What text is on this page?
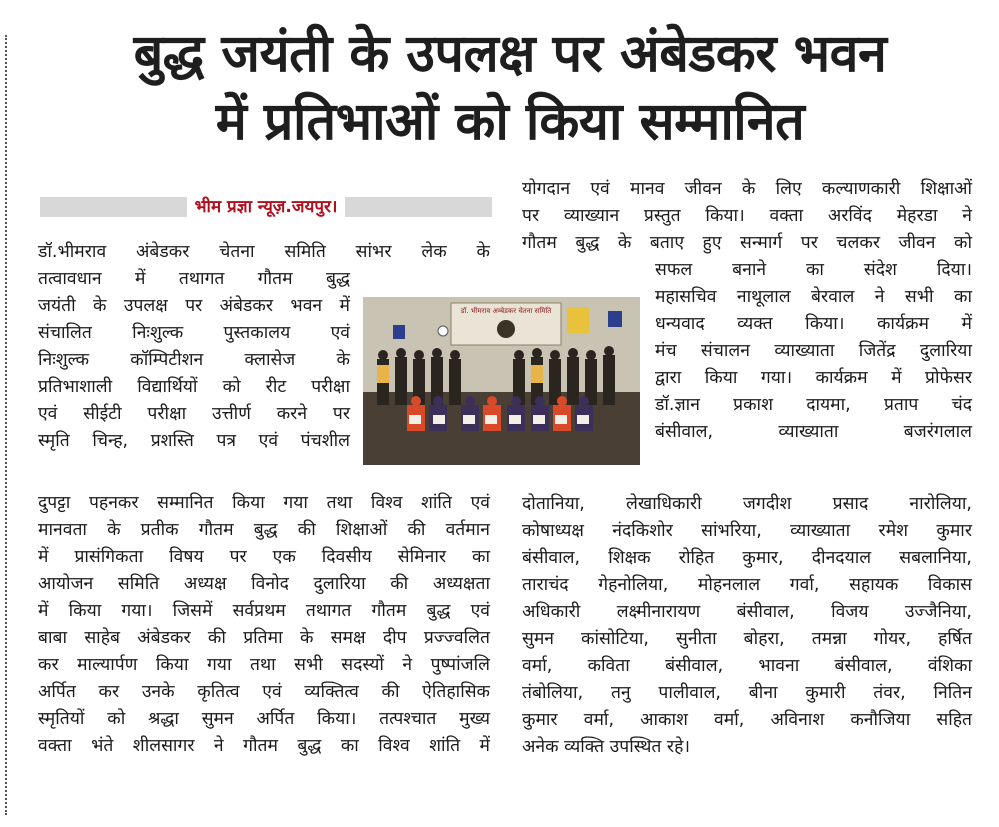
बुद्ध जयंती के उपलक्ष पर अंबेडकर भवन
में प्रतिभाओं को किया सम्मानित
भीम प्रज्ञा न्यूज़.जयपुर।

डॉ.भीमराव अंबेडकर चेतना समिति सांभर लेक के
तत्वावधान में तथागत गौतम बुद्ध

जयंती के उपलक्ष पर अंबेडकर भवन में
संचालित निःशुल्क पुस्तकालय एवं
निःशुल्क कॉम्पिटीशन क्लासेज के
प्रतिभाशाली विद्यार्थियों को रीट परीक्षा
एवं सीईटी परीक्षा उत्तीर्ण करने पर
स्मृति चिन्ह, प्रशस्ति पत्र एवं पंचशील

डॉ. भीमराव अम्बेडकर चेतना समिति

दुपट्टा पहनकर सम्मानित किया गया तथा विश्व शांति एवं
मानवता के प्रतीक गौतम बुद्ध की शिक्षाओं की वर्तमान
में प्रासंगिकता विषय पर एक दिवसीय सेमिनार का
आयोजन समिति अध्यक्ष विनोद दुलारिया की अध्यक्षता
में किया गया। जिसमें सर्वप्रथम तथागत गौतम बुद्ध एवं
बाबा साहेब अंबेडकर की प्रतिमा के समक्ष दीप प्रज्ज्वलित
कर माल्यार्पण किया गया तथा सभी सदस्यों ने पुष्पांजलि
अर्पित कर उनके कृतित्व एवं व्यक्तित्व की ऐतिहासिक
स्मृतियों को श्रद्धा सुमन अर्पित किया। तत्पश्चात मुख्य
वक्ता भंते शीलसागर ने गौतम बुद्ध का विश्व शांति में

योगदान एवं मानव जीवन के लिए कल्याणकारी शिक्षाओं
पर व्याख्यान प्रस्तुत किया। वक्ता अरविंद मेहरडा ने
गौतम बुद्ध के बताए हुए सन्मार्ग पर चलकर जीवन को

सफल बनाने का संदेश दिया।
महासचिव नाथूलाल बेरवाल ने सभी का
धन्यवाद व्यक्त किया। कार्यक्रम में
मंच संचालन व्याख्याता जितेंद्र दुलारिया
द्वारा किया गया। कार्यक्रम में प्रोफेसर
डॉ.ज्ञान प्रकाश दायमा, प्रताप चंद
बंसीवाल, व्याख्याता बजरंगलाल

दोतानिया, लेखाधिकारी जगदीश प्रसाद नारोलिया,
कोषाध्यक्ष नंदकिशोर सांभरिया, व्याख्याता रमेश कुमार
बंसीवाल, शिक्षक रोहित कुमार, दीनदयाल सबलानिया,
ताराचंद गेहनोलिया, मोहनलाल गर्वा, सहायक विकास
अधिकारी लक्ष्मीनारायण बंसीवाल, विजय उज्जैनिया,
सुमन कांसोटिया, सुनीता बोहरा, तमन्ना गोयर, हर्षित
वर्मा, कविता बंसीवाल, भावना बंसीवाल, वंशिका
तंबोलिया, तनु पालीवाल, बीना कुमारी तंवर, नितिन
कुमार वर्मा, आकाश वर्मा, अविनाश कनौजिया सहित
अनेक व्यक्ति उपस्थित रहे।
